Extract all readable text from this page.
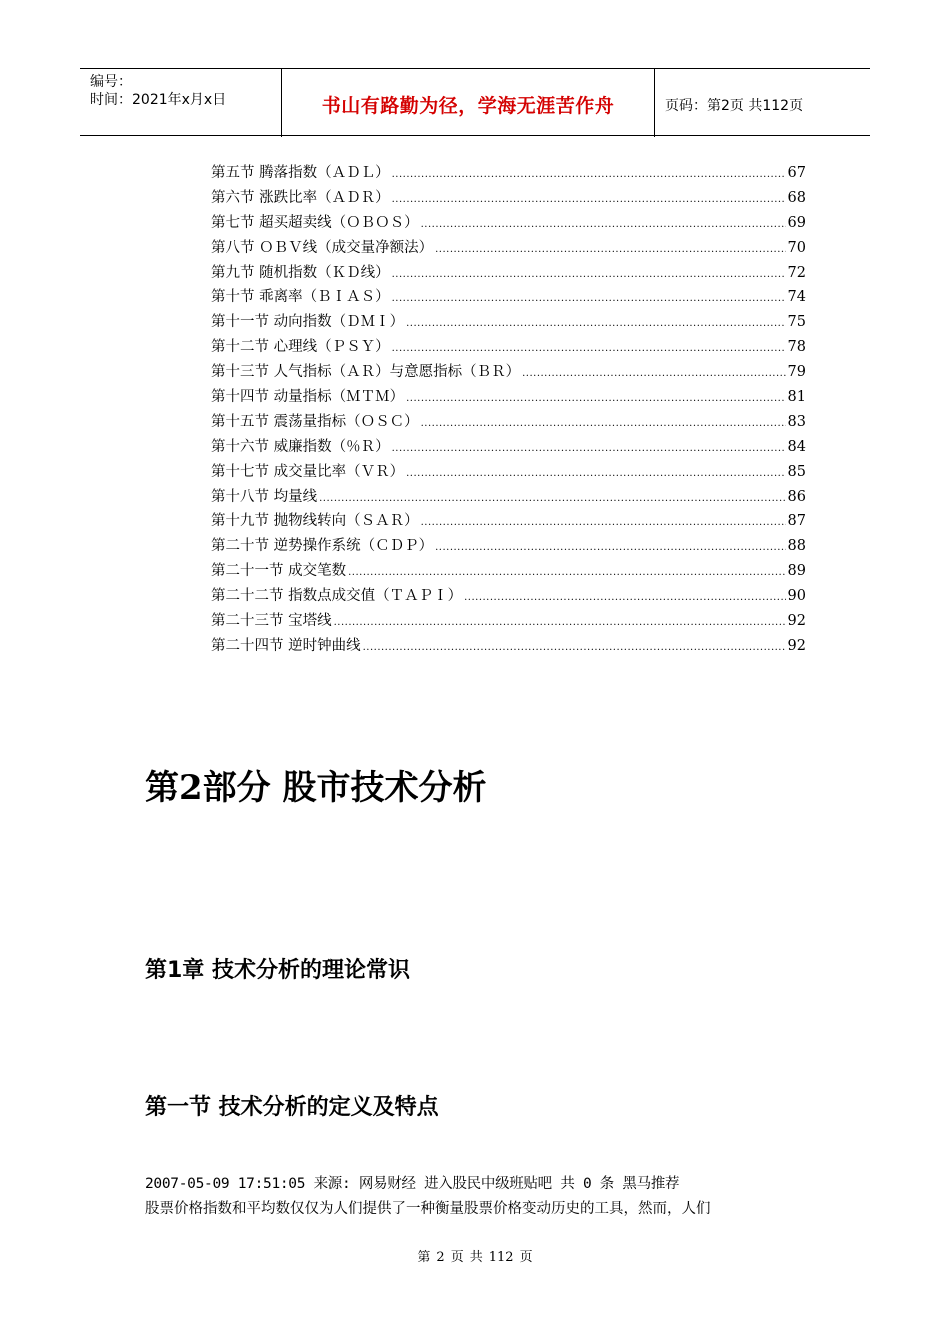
编号：
时间：2021年x月x日	书山有路勤为径，学海无涯苦作舟	页码：第2页 共112页
第五节 腾落指数（ＡＤＬ） .....	67
第六节 涨跌比率（ＡＤＲ） .....	68
第七节 超买超卖线（ＯＢＯＳ） .....	69
第八节 ＯＢＶ线（成交量净额法） .....	70
第九节 随机指数（ＫＤ线） .....	72
第十节 乖离率（ＢＩＡＳ） .....	74
第十一节 动向指数（ＤＭＩ） .....	75
第十二节 心理线（ＰＳＹ） .....	78
第十三节 人气指标（ＡＲ）与意愿指标（ＢＲ） .....	79
第十四节 动量指标（ＭＴＭ） .....	81
第十五节 震荡量指标（ＯＳＣ） .....	83
第十六节 威廉指数（％Ｒ） .....	84
第十七节 成交量比率（ＶＲ） .....	85
第十八节 均量线 .....	86
第十九节 抛物线转向（ＳＡＲ） .....	87
第二十节 逆势操作系统（ＣＤＰ） .....	88
第二十一节 成交笔数 .....	89
第二十二节 指数点成交值（ＴＡＰＩ） .....	90
第二十三节 宝塔线 .....	92
第二十四节 逆时钟曲线 .....	92
第2部分 股市技术分析
第1章 技术分析的理论常识
第一节 技术分析的定义及特点
2007-05-09 17:51:05 来源: 网易财经 进入股民中级班贴吧 共 0 条 黑马推荐
股票价格指数和平均数仅仅为人们提供了一种衡量股票价格变动历史的工具，然而，人们
第 2 页 共 112 页
